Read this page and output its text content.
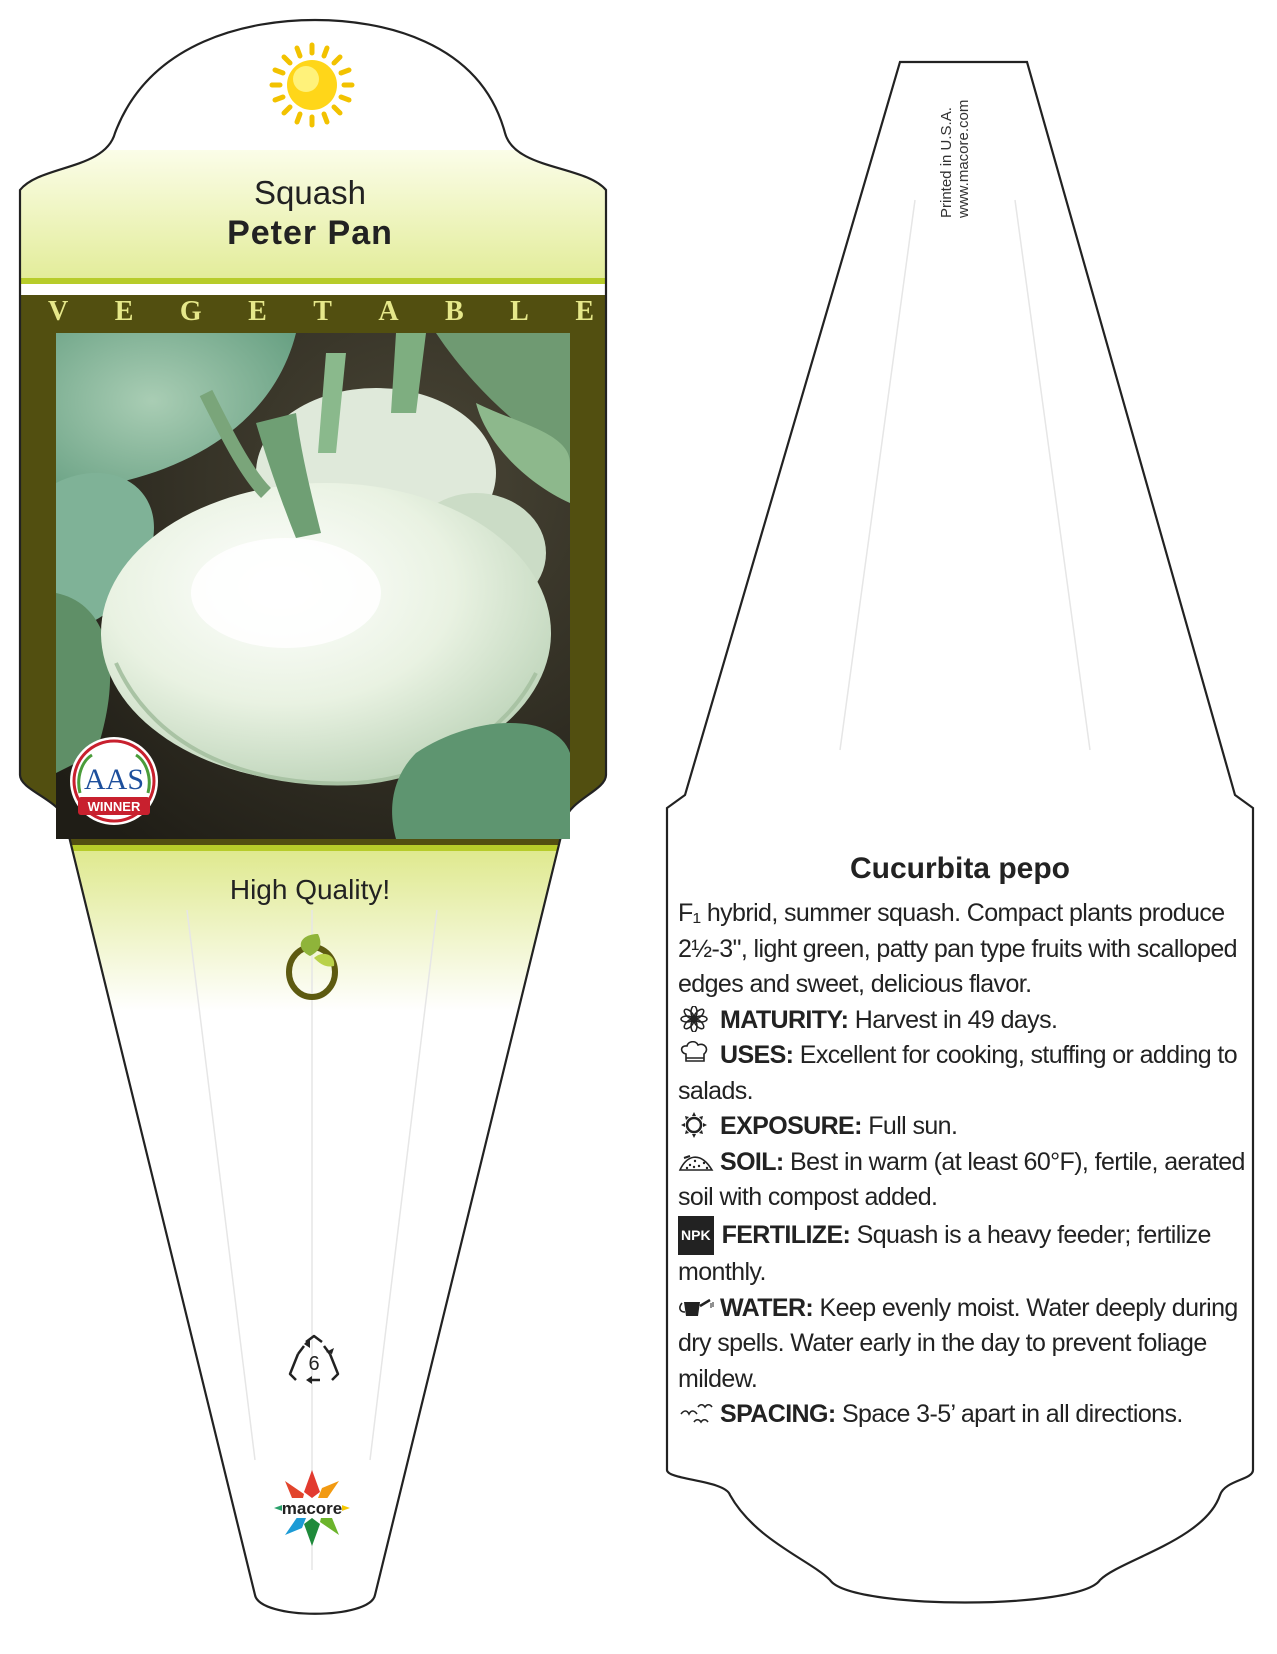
Squash
Peter Pan
V E G E T A B L E
AAS
WINNER
High Quality!
6
macore
Printed in U.S.A. www.macore.com
Cucurbita pepo

F₁ hybrid, summer squash. Compact plants produce 2½-3", light green, patty pan type fruits with scalloped edges and sweet, delicious flavor.

MATURITY: Harvest in 49 days.

USES: Excellent for cooking, stuffing or adding to salads.

EXPOSURE: Full sun.

SOIL: Best in warm (at least 60°F), fertile, aerated soil with compost added.

NPK FERTILIZE: Squash is a heavy feeder; fertilize monthly.

WATER: Keep evenly moist. Water deeply during dry spells. Water early in the day to prevent foliage mildew.

SPACING: Space 3-5’ apart in all directions.
